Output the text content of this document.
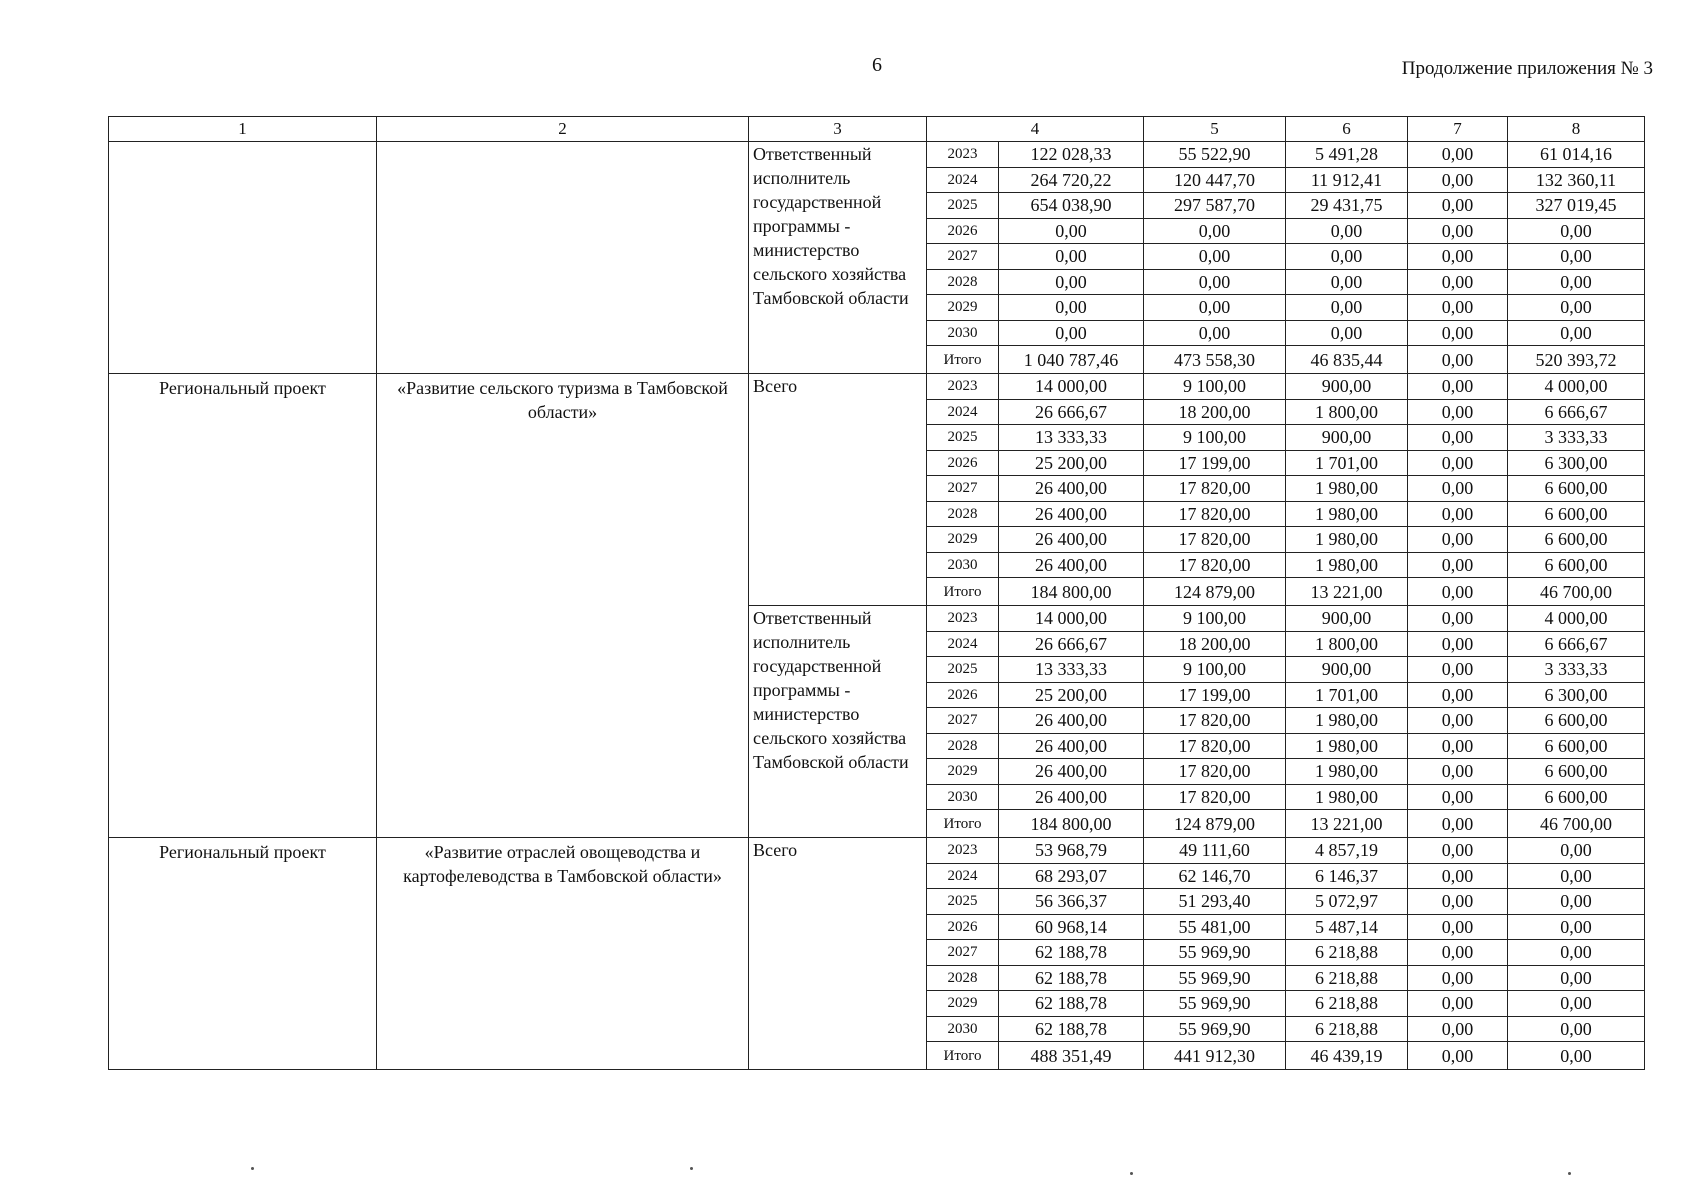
6	Продолжение приложения № 3
1	2	3	4		5	6	7	8
		Ответственный исполнитель государственной программы - министерство сельского хозяйства Тамбовской области	2023	122 028,33	55 522,90	5 491,28	0,00	61 014,16
			2024	264 720,22	120 447,70	11 912,41	0,00	132 360,11
			2025	654 038,90	297 587,70	29 431,75	0,00	327 019,45
			2026	0,00	0,00	0,00	0,00	0,00
			2027	0,00	0,00	0,00	0,00	0,00
			2028	0,00	0,00	0,00	0,00	0,00
			2029	0,00	0,00	0,00	0,00	0,00
			2030	0,00	0,00	0,00	0,00	0,00
			Итого	1 040 787,46	473 558,30	46 835,44	0,00	520 393,72
Региональный проект	«Развитие сельского туризма в Тамбовской области»	Всего	2023	14 000,00	9 100,00	900,00	0,00	4 000,00
			2024	26 666,67	18 200,00	1 800,00	0,00	6 666,67
			2025	13 333,33	9 100,00	900,00	0,00	3 333,33
			2026	25 200,00	17 199,00	1 701,00	0,00	6 300,00
			2027	26 400,00	17 820,00	1 980,00	0,00	6 600,00
			2028	26 400,00	17 820,00	1 980,00	0,00	6 600,00
			2029	26 400,00	17 820,00	1 980,00	0,00	6 600,00
			2030	26 400,00	17 820,00	1 980,00	0,00	6 600,00
			Итого	184 800,00	124 879,00	13 221,00	0,00	46 700,00
		Ответственный исполнитель государственной программы - министерство сельского хозяйства Тамбовской области	2023	14 000,00	9 100,00	900,00	0,00	4 000,00
			2024	26 666,67	18 200,00	1 800,00	0,00	6 666,67
			2025	13 333,33	9 100,00	900,00	0,00	3 333,33
			2026	25 200,00	17 199,00	1 701,00	0,00	6 300,00
			2027	26 400,00	17 820,00	1 980,00	0,00	6 600,00
			2028	26 400,00	17 820,00	1 980,00	0,00	6 600,00
			2029	26 400,00	17 820,00	1 980,00	0,00	6 600,00
			2030	26 400,00	17 820,00	1 980,00	0,00	6 600,00
			Итого	184 800,00	124 879,00	13 221,00	0,00	46 700,00
Региональный проект	«Развитие отраслей овощеводства и картофелеводства в Тамбовской области»	Всего	2023	53 968,79	49 111,60	4 857,19	0,00	0,00
			2024	68 293,07	62 146,70	6 146,37	0,00	0,00
			2025	56 366,37	51 293,40	5 072,97	0,00	0,00
			2026	60 968,14	55 481,00	5 487,14	0,00	0,00
			2027	62 188,78	55 969,90	6 218,88	0,00	0,00
			2028	62 188,78	55 969,90	6 218,88	0,00	0,00
			2029	62 188,78	55 969,90	6 218,88	0,00	0,00
			2030	62 188,78	55 969,90	6 218,88	0,00	0,00
			Итого	488 351,49	441 912,30	46 439,19	0,00	0,00
